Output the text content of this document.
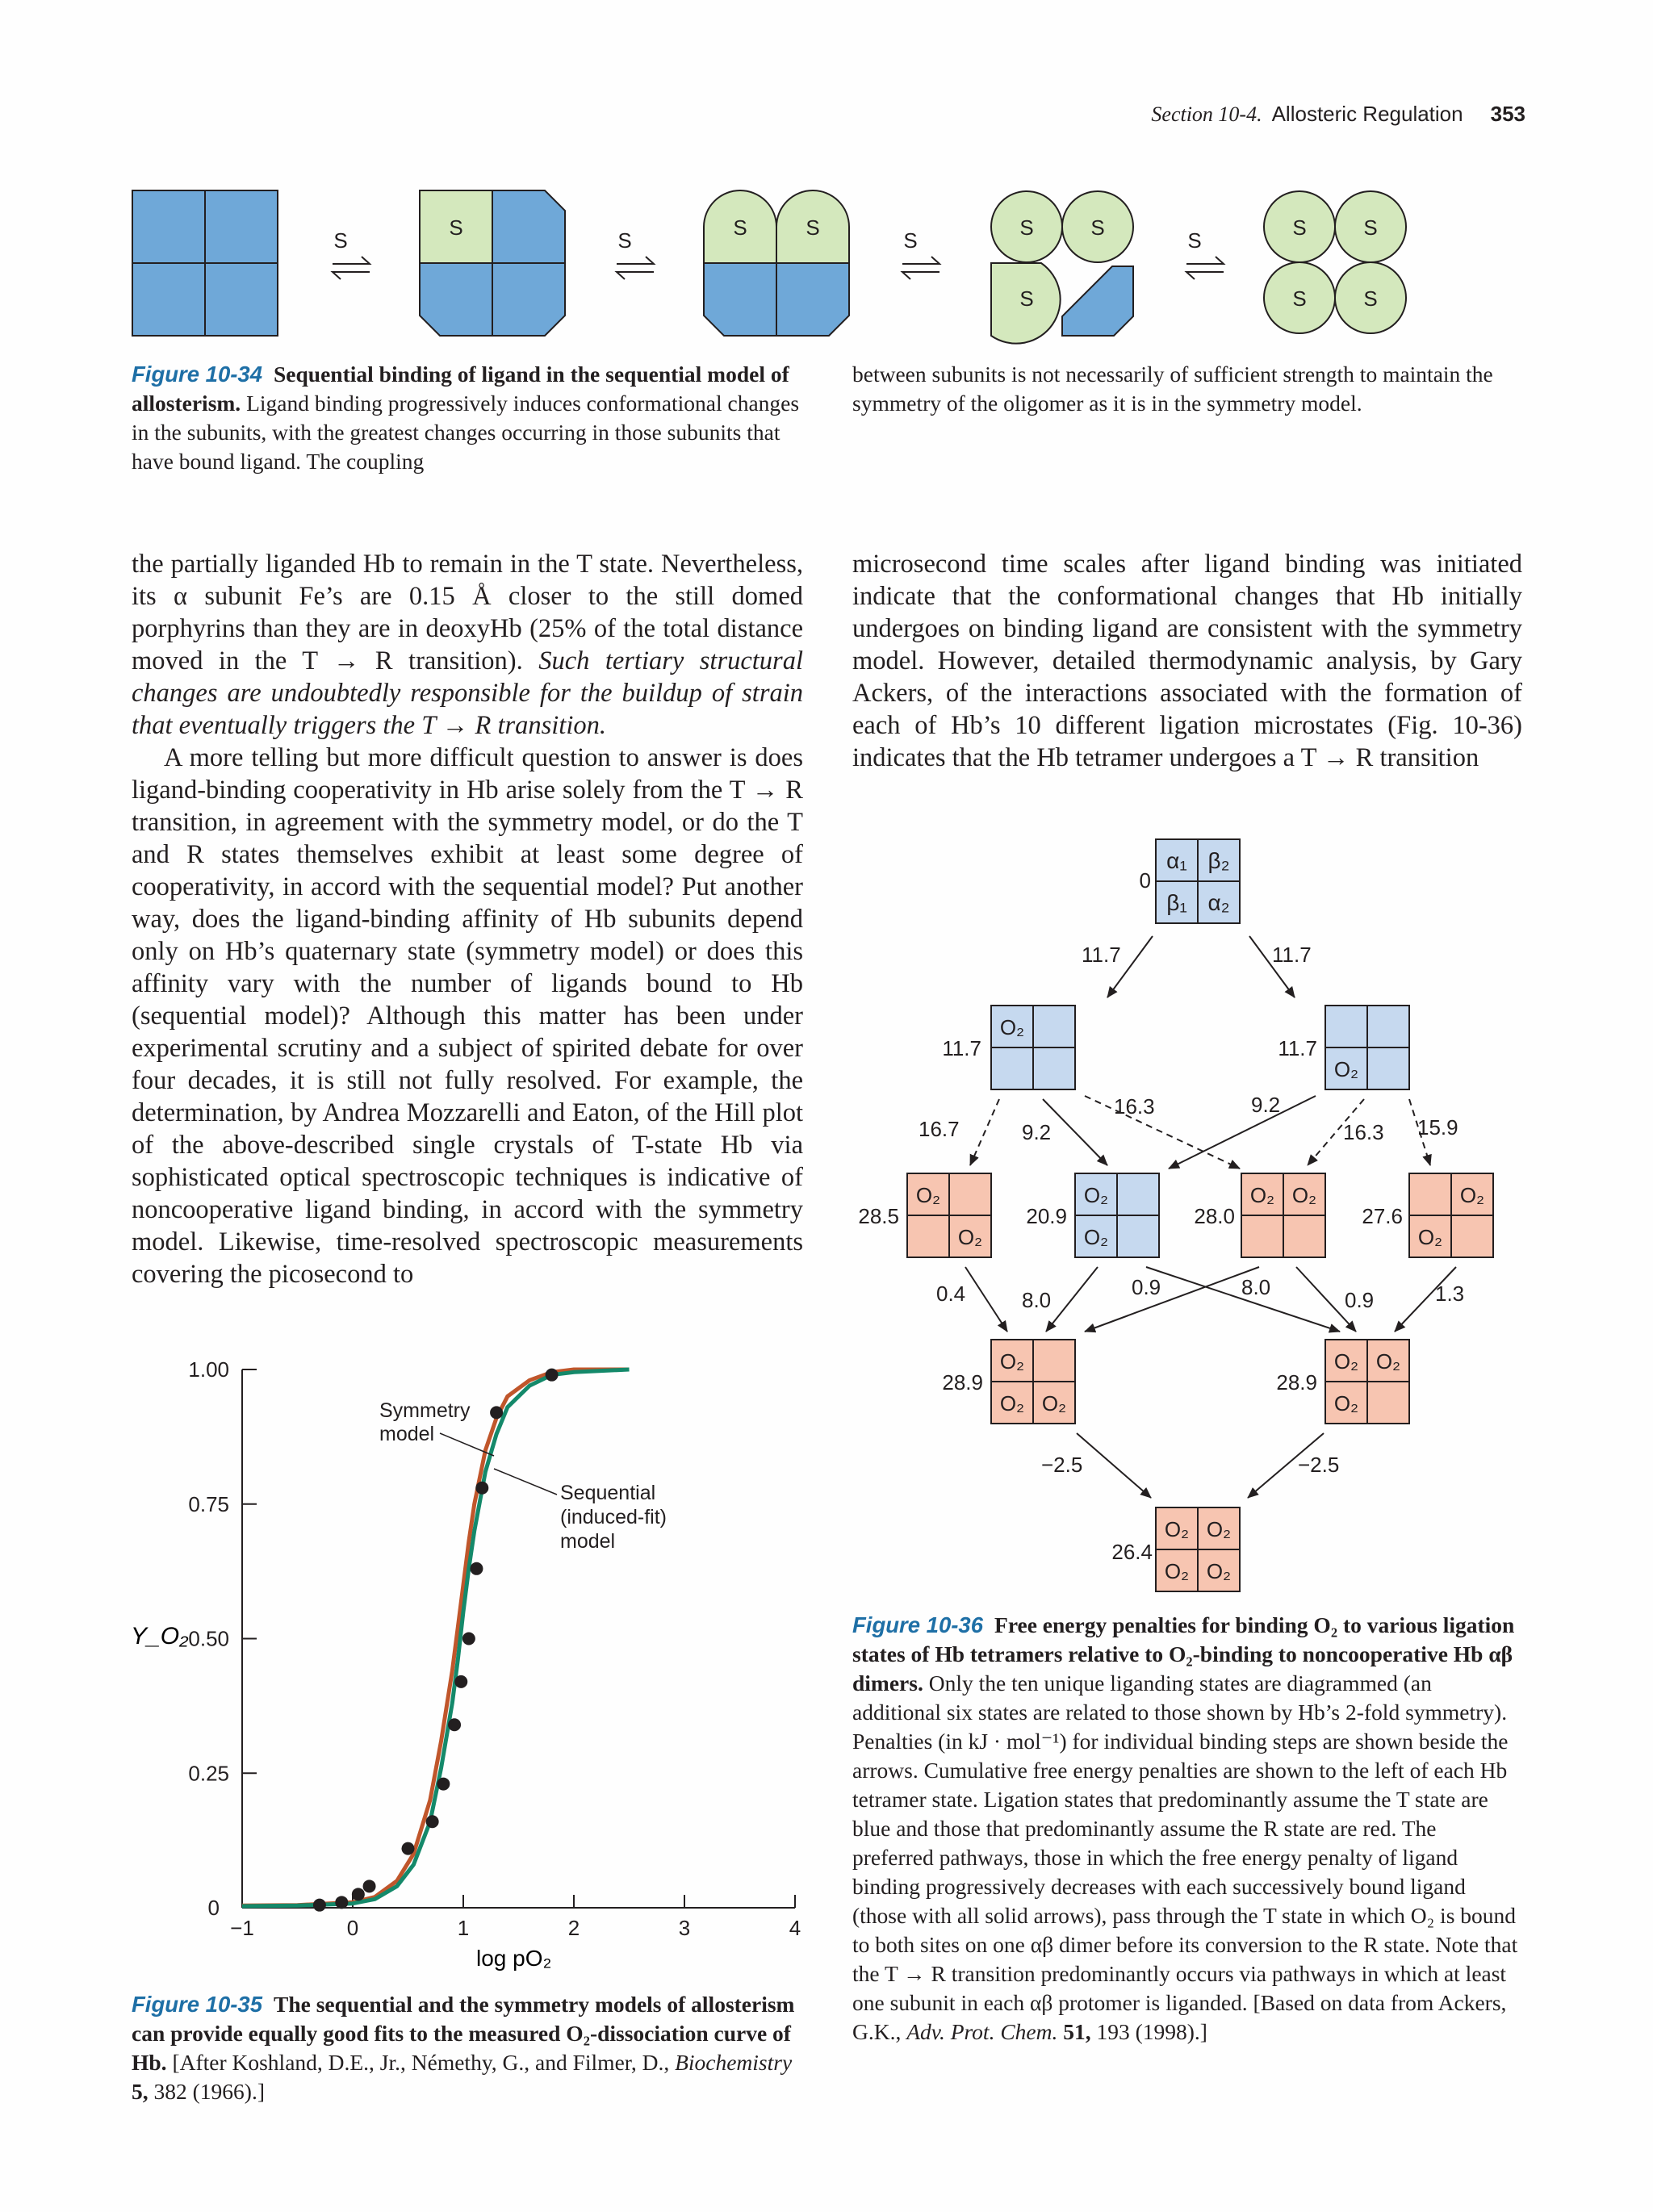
Section 10-4. Allosteric Regulation 353
S	S	S	S	S
S
S	S
S	S
S	S	S	S

Figure 10-34 Sequential binding of ligand in the sequential model of allosterism. Ligand binding progressively induces conformational changes in the subunits, with the greatest changes occurring in those subunits that have bound ligand. The coupling

between subunits is not necessarily of sufficient strength to maintain the symmetry of the oligomer as it is in the symmetry model.

the partially liganded Hb to remain in the T state. Nevertheless, its α subunit Fe’s are 0.15 Å closer to the still domed porphyrins than they are in deoxyHb (25% of the total distance moved in the T → R transition). Such tertiary structural changes are undoubtedly responsible for the buildup of strain that eventually triggers the T → R transition.

A more telling but more difficult question to answer is does ligand-binding cooperativity in Hb arise solely from the T → R transition, in agreement with the symmetry model, or do the T and R states themselves exhibit at least some degree of cooperativity, in accord with the sequential model? Put another way, does the ligand-binding affinity of Hb subunits depend only on Hb’s quaternary state (symmetry model) or does this affinity vary with the number of ligands bound to Hb (sequential model)? Although this matter has been under experimental scrutiny and a subject of spirited debate for over four decades, it is still not fully resolved. For example, the determination, by Andrea Mozzarelli and Eaton, of the Hill plot of the above-described single crystals of T-state Hb via sophisticated optical spectroscopic techniques is indicative of noncooperative ligand binding, in accord with the symmetry model. Likewise, time-resolved spectroscopic measurements covering the picosecond to

microsecond time scales after ligand binding was initiated indicate that the conformational changes that Hb initially undergoes on binding ligand are consistent with the symmetry model. However, detailed thermodynamic analysis, by Gary Ackers, of the interactions associated with the formation of each of Hb’s 10 different ligation microstates (Fig. 10-36) indicates that the Hb tetramer undergoes a T → R transition

−1	0	1	2	3	4
0
0.25
0.50
0.75
1.00
Symmetry
model
Sequential
(induced-fit)
model
Y_O₂
log pO₂

Figure 10-35 The sequential and the symmetry models of allosterism can provide equally good fits to the measured O₂-dissociation curve of Hb. [After Koshland, D.E., Jr., Némethy, G., and Filmer, D., Biochemistry 5, 382 (1966).]

α₁ β₂
β₁ α₂
0
O₂
11.7
O₂
11.7
O₂
O₂
28.5
O₂
O₂
20.9
O₂ O₂
28.0
O₂
O₂
27.6
O₂
O₂ O₂
28.9
O₂ O₂
O₂
28.9
O₂ O₂
O₂ O₂
26.4
11.7	11.7
16.7	9.2
16.3	9.2
16.3 15.9
0.4	8.0
0.9	8.0
0.9	1.3
−2.5	−2.5

Figure 10-36 Free energy penalties for binding O₂ to various ligation states of Hb tetramers relative to O₂-binding to noncooperative Hb αβ dimers. Only the ten unique liganding states are diagrammed (an additional six states are related to those shown by Hb’s 2-fold symmetry). Penalties (in kJ · mol⁻¹) for individual binding steps are shown beside the arrows. Cumulative free energy penalties are shown to the left of each Hb tetramer state. Ligation states that predominantly assume the T state are blue and those that predominantly assume the R state are red. The preferred pathways, those in which the free energy penalty of ligand binding progressively decreases with each successively bound ligand (those with all solid arrows), pass through the T state in which O₂ is bound to both sites on one αβ dimer before its conversion to the R state. Note that the T → R transition predominantly occurs via pathways in which at least one subunit in each αβ protomer is liganded. [Based on data from Ackers, G.K., Adv. Prot. Chem. 51, 193 (1998).]
